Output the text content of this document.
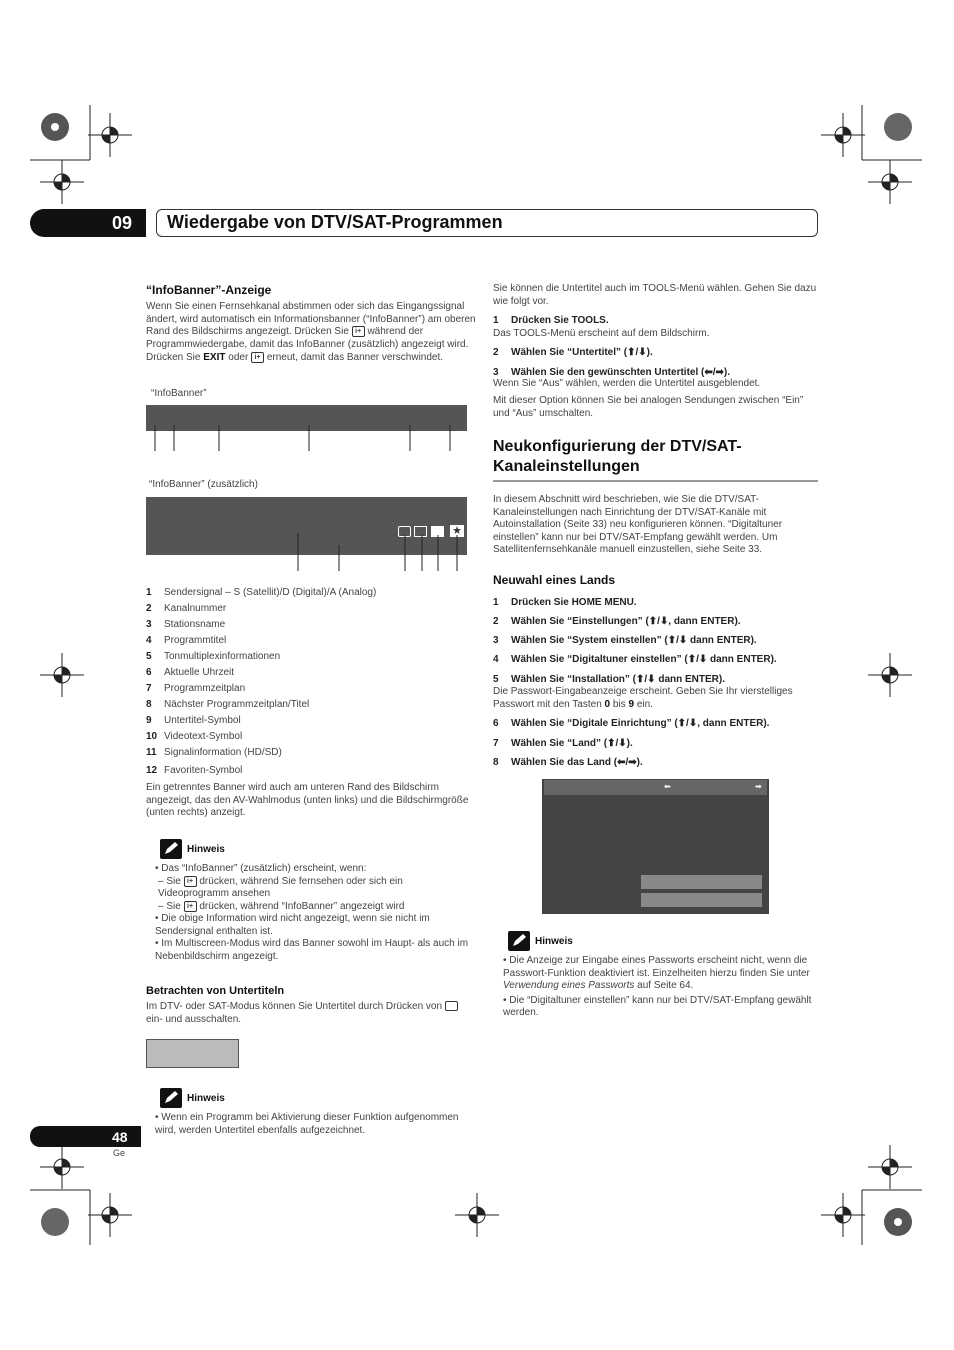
09 Wiedergabe von DTV/SAT-Programmen
“InfoBanner”-Anzeige
Wenn Sie einen Fernsehkanal abstimmen oder sich das Eingangssignal ändert, wird automatisch ein Informationsbanner (“InfoBanner”) am oberen Rand des Bildschirms angezeigt. Drücken Sie i+ während der Programmwiedergabe, damit das InfoBanner (zusätzlich) angezeigt wird. Drücken Sie EXIT oder i+ erneut, damit das Banner verschwindet.
“InfoBanner”
“InfoBanner” (zusätzlich)
★
1 Sendersignal – S (Satellit)/D (Digital)/A (Analog)
2 Kanalnummer
3 Stationsname
4 Programmtitel
5 Tonmultiplexinformationen
6 Aktuelle Uhrzeit
7 Programmzeitplan
8 Nächster Programmzeitplan/Titel
9 Untertitel-Symbol
10 Videotext-Symbol
11 Signalinformation (HD/SD)
12 Favoriten-Symbol
Ein getrenntes Banner wird auch am unteren Rand des Bildschirm angezeigt, das den AV-Wahlmodus (unten links) und die Bildschirmgröße (unten rechts) anzeigt.
Hinweis
• Das “InfoBanner” (zusätzlich) erscheint, wenn:
– Sie i+ drücken, während Sie fernsehen oder sich ein Videoprogramm ansehen
– Sie i+ drücken, während “InfoBanner” angezeigt wird
• Die obige Information wird nicht angezeigt, wenn sie nicht im Sendersignal enthalten ist.
• Im Multiscreen-Modus wird das Banner sowohl im Haupt- als auch im Nebenbildschirm angezeigt.
Betrachten von Untertiteln
Im DTV- oder SAT-Modus können Sie Untertitel durch Drücken von  ein- und ausschalten.
Hinweis
• Wenn ein Programm bei Aktivierung dieser Funktion aufgenommen wird, werden Untertitel ebenfalls aufgezeichnet.
48
Ge
Sie können die Untertitel auch im TOOLS-Menü wählen. Gehen Sie dazu wie folgt vor.
1 Drücken Sie TOOLS.
Das TOOLS-Menü erscheint auf dem Bildschirm.
2 Wählen Sie “Untertitel” (⬆/⬇).
3 Wählen Sie den gewünschten Untertitel (⬅/➡).
Wenn Sie “Aus” wählen, werden die Untertitel ausgeblendet.
Mit dieser Option können Sie bei analogen Sendungen zwischen “Ein” und “Aus” umschalten.
Neukonfigurierung der DTV/SAT-
Kanaleinstellungen
In diesem Abschnitt wird beschrieben, wie Sie die DTV/SAT-Kanaleinstellungen nach Einrichtung der DTV/SAT-Kanäle mit Autoinstallation (Seite 33) neu konfigurieren können. “Digitaltuner einstellen” kann nur bei DTV/SAT-Empfang gewählt werden. Um Satellitenfernsehkanäle manuell einzustellen, siehe Seite 33.
Neuwahl eines Lands
1 Drücken Sie HOME MENU.
2 Wählen Sie “Einstellungen” (⬆/⬇, dann ENTER).
3 Wählen Sie “System einstellen” (⬆/⬇ dann ENTER).
4 Wählen Sie “Digitaltuner einstellen” (⬆/⬇ dann ENTER).
5 Wählen Sie “Installation” (⬆/⬇ dann ENTER).
Die Passwort-Eingabeanzeige erscheint. Geben Sie Ihr vierstelliges Passwort mit den Tasten 0 bis 9 ein.
6 Wählen Sie “Digitale Einrichtung” (⬆/⬇, dann ENTER).
7 Wählen Sie “Land” (⬆/⬇).
8 Wählen Sie das Land (⬅/➡).
⬅	➡
Hinweis
• Die Anzeige zur Eingabe eines Passworts erscheint nicht, wenn die Passwort-Funktion deaktiviert ist. Einzelheiten hierzu finden Sie unter Verwendung eines Passworts auf Seite 64.
• Die “Digitaltuner einstellen” kann nur bei DTV/SAT-Empfang gewählt werden.
